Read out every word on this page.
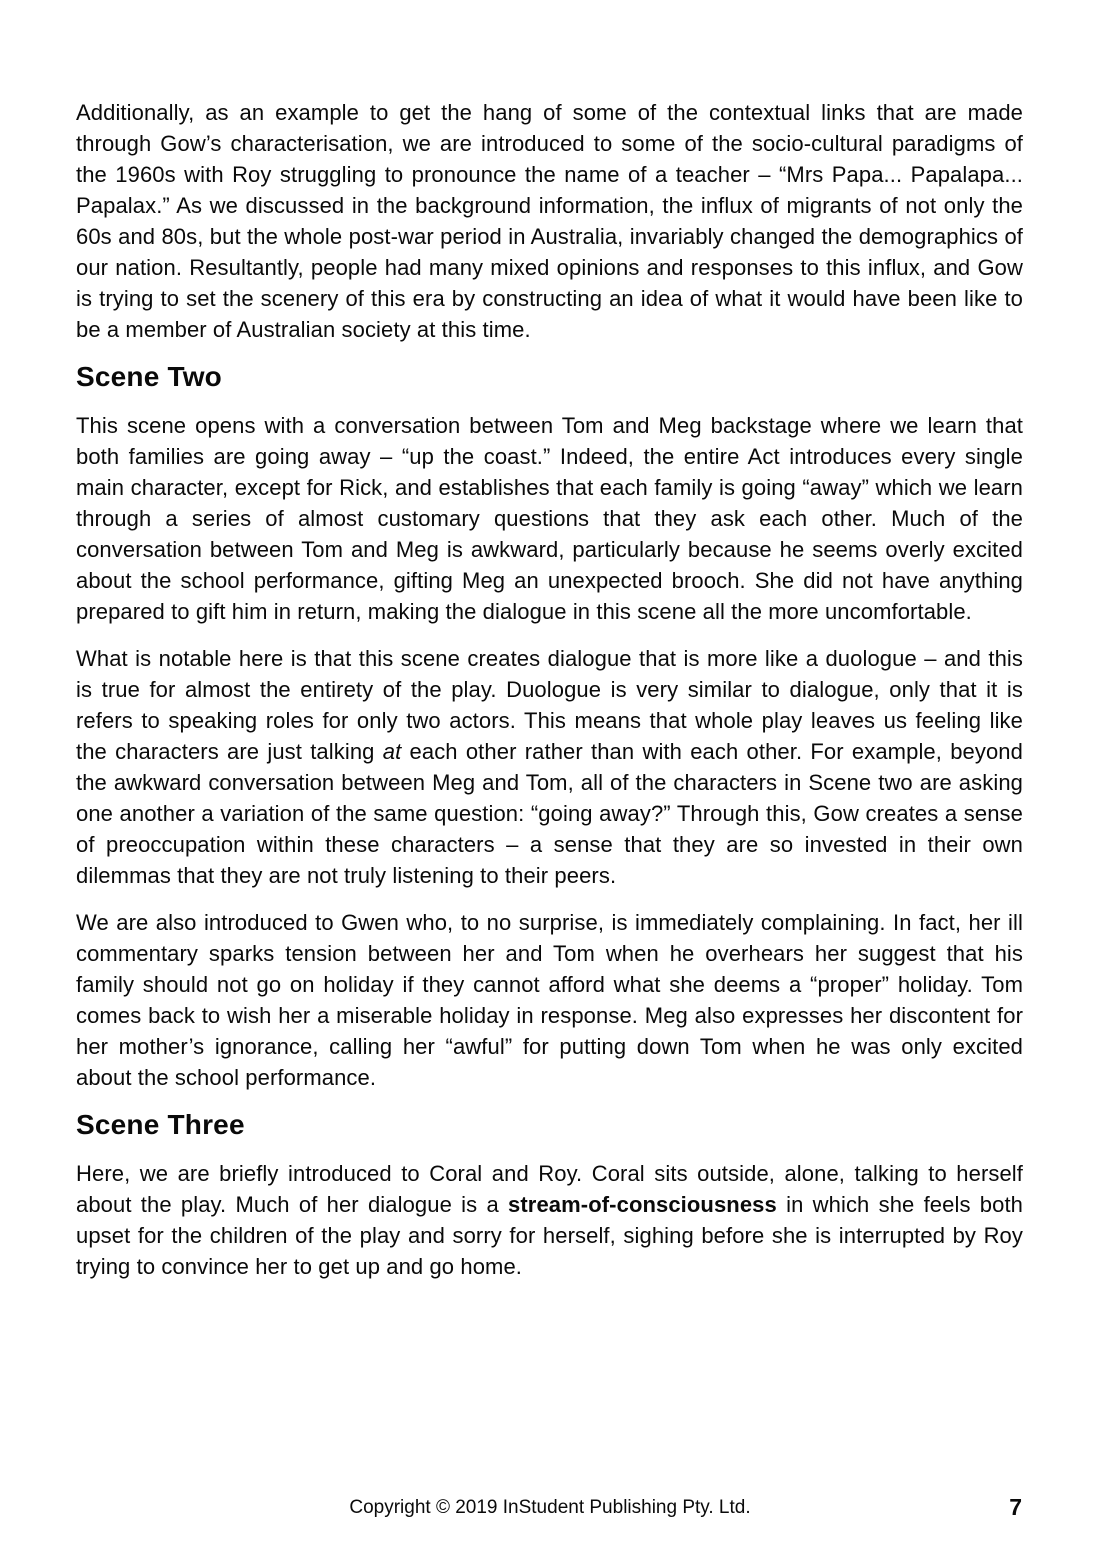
Additionally, as an example to get the hang of some of the contextual links that are made through Gow’s characterisation, we are introduced to some of the socio-cultural paradigms of the 1960s with Roy struggling to pronounce the name of a teacher – “Mrs Papa... Papalapa... Papalax.” As we discussed in the background information, the influx of migrants of not only the 60s and 80s, but the whole post-war period in Australia, invariably changed the demographics of our nation. Resultantly, people had many mixed opinions and responses to this influx, and Gow is trying to set the scenery of this era by constructing an idea of what it would have been like to be a member of Australian society at this time.

Scene Two

This scene opens with a conversation between Tom and Meg backstage where we learn that both families are going away – “up the coast.” Indeed, the entire Act introduces every single main character, except for Rick, and establishes that each family is going “away” which we learn through a series of almost customary questions that they ask each other. Much of the conversation between Tom and Meg is awkward, particularly because he seems overly excited about the school performance, gifting Meg an unexpected brooch. She did not have anything prepared to gift him in return, making the dialogue in this scene all the more uncomfortable.

What is notable here is that this scene creates dialogue that is more like a duologue – and this is true for almost the entirety of the play. Duologue is very similar to dialogue, only that it is refers to speaking roles for only two actors. This means that whole play leaves us feeling like the characters are just talking at each other rather than with each other. For example, beyond the awkward conversation between Meg and Tom, all of the characters in Scene two are asking one another a variation of the same question: “going away?” Through this, Gow creates a sense of preoccupation within these characters – a sense that they are so invested in their own dilemmas that they are not truly listening to their peers.

We are also introduced to Gwen who, to no surprise, is immediately complaining. In fact, her ill commentary sparks tension between her and Tom when he overhears her suggest that his family should not go on holiday if they cannot afford what she deems a “proper” holiday. Tom comes back to wish her a miserable holiday in response. Meg also expresses her discontent for her mother’s ignorance, calling her “awful” for putting down Tom when he was only excited about the school performance.

Scene Three

Here, we are briefly introduced to Coral and Roy. Coral sits outside, alone, talking to herself about the play. Much of her dialogue is a stream-of-consciousness in which she feels both upset for the children of the play and sorry for herself, sighing before she is interrupted by Roy trying to convince her to get up and go home.

Copyright © 2019 InStudent Publishing Pty. Ltd.	7
